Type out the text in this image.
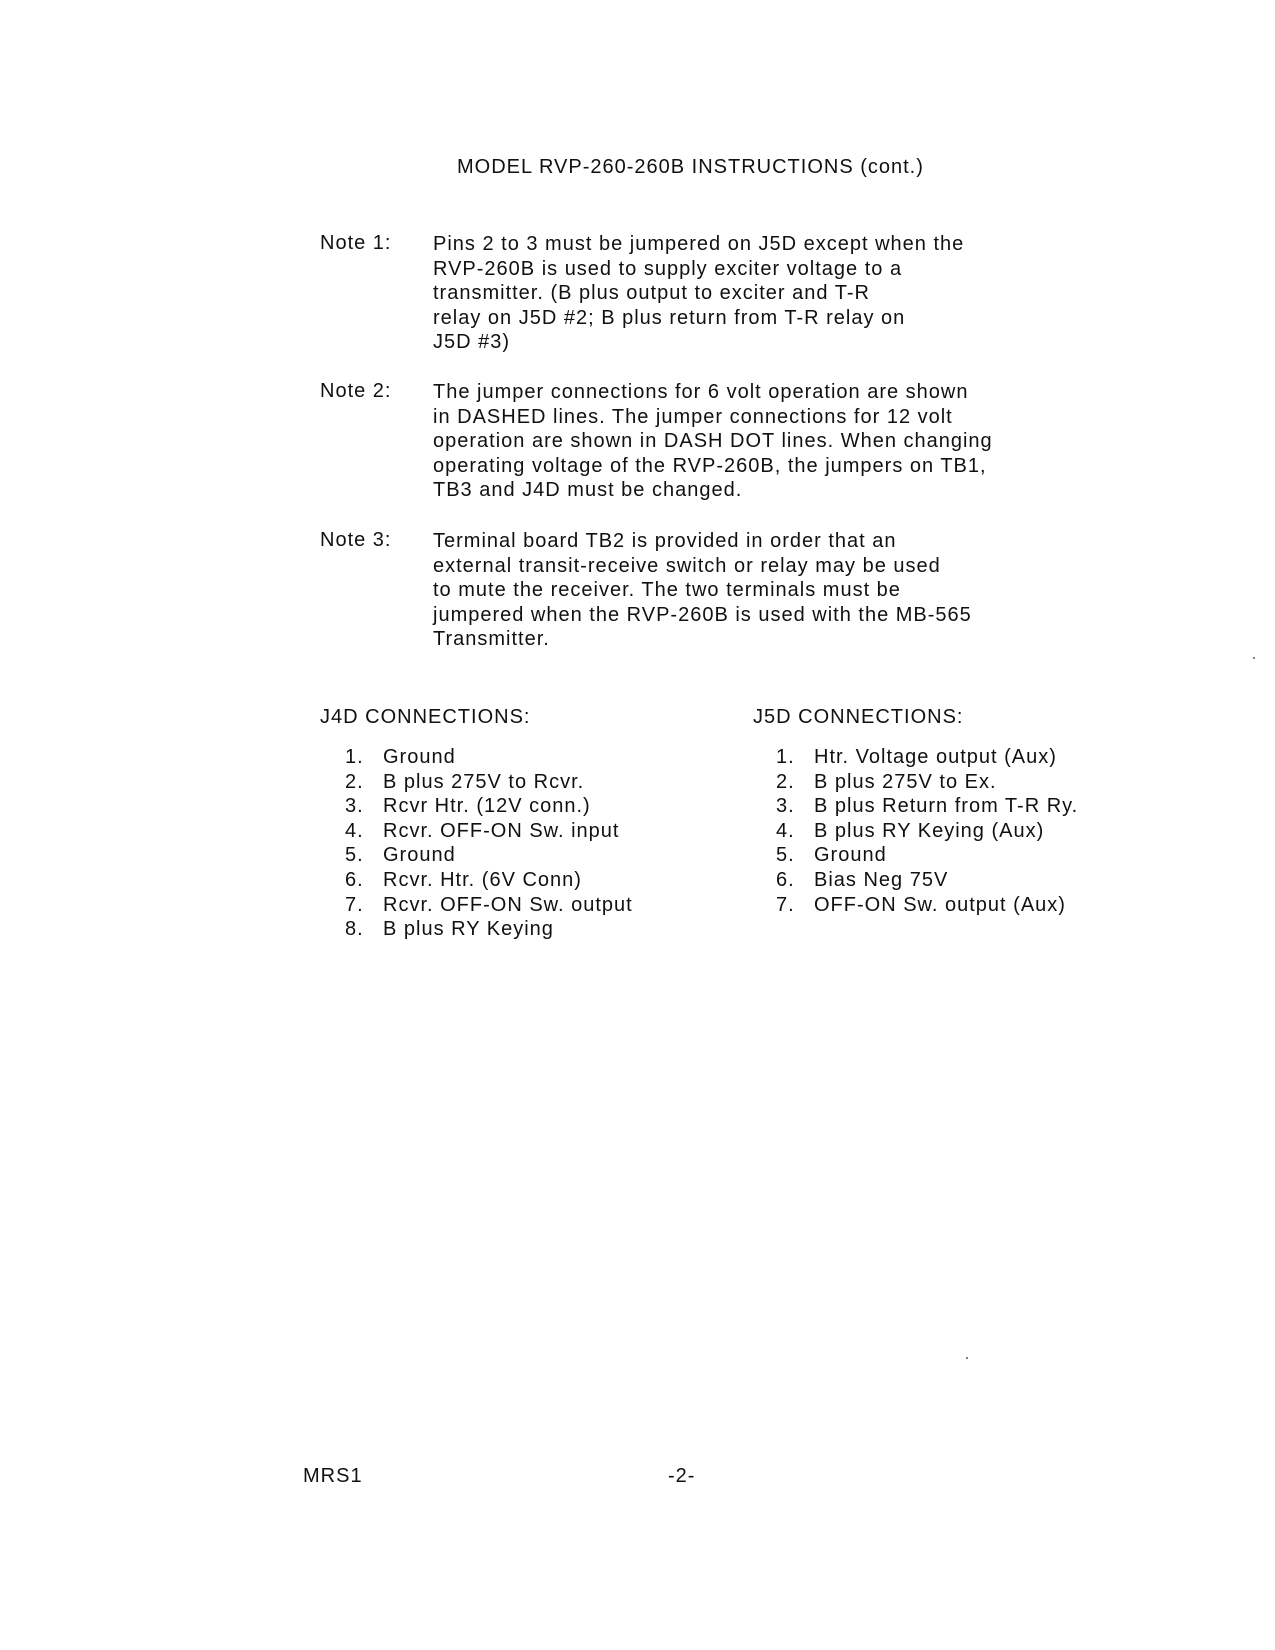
MODEL RVP-260-260B INSTRUCTIONS (cont.)
Note 1: Pins 2 to 3 must be jumpered on J5D except when the
RVP-260B is used to supply exciter voltage to a
transmitter. (B plus output to exciter and T-R
relay on J5D #2; B plus return from T-R relay on
J5D #3)
Note 2: The jumper connections for 6 volt operation are shown
in DASHED lines. The jumper connections for 12 volt
operation are shown in DASH DOT lines. When changing
operating voltage of the RVP-260B, the jumpers on TB1,
TB3 and J4D must be changed.
Note 3: Terminal board TB2 is provided in order that an
external transit-receive switch or relay may be used
to mute the receiver. The two terminals must be
jumpered when the RVP-260B is used with the MB-565
Transmitter.
J4D CONNECTIONS:
1. Ground
2. B plus 275V to Rcvr.
3. Rcvr Htr. (12V conn.)
4. Rcvr. OFF-ON Sw. input
5. Ground
6. Rcvr. Htr. (6V Conn)
7. Rcvr. OFF-ON Sw. output
8. B plus RY Keying
J5D CONNECTIONS:
1. Htr. Voltage output (Aux)
2. B plus 275V to Ex.
3. B plus Return from T-R Ry.
4. B plus RY Keying (Aux)
5. Ground
6. Bias Neg 75V
7. OFF-ON Sw. output (Aux)
MRS1	-2-
